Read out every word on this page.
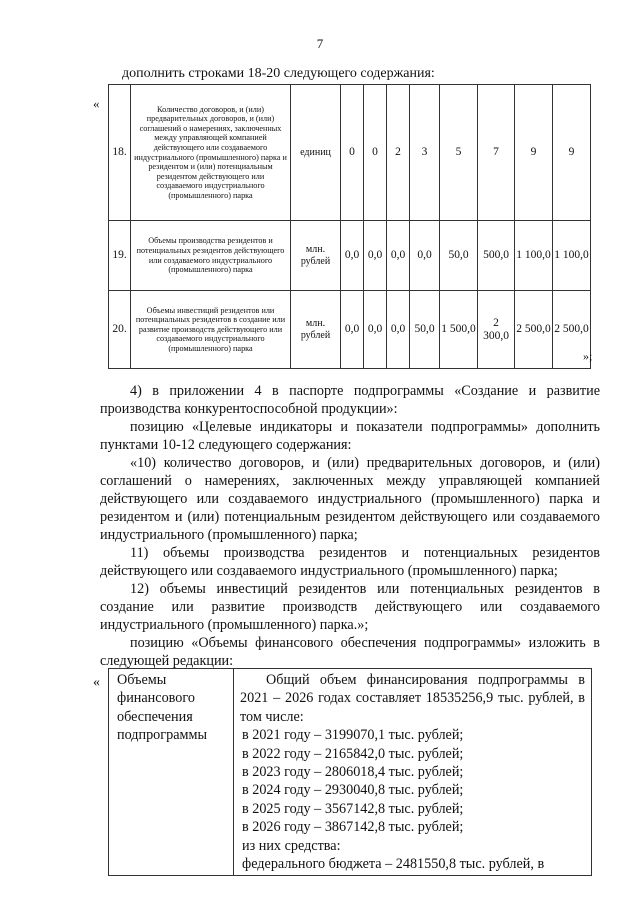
7
дополнить строками 18-20 следующего содержания:
«
18.	Количество договоров, и (или) предварительных договоров, и (или) соглашений о намерениях, заключенных между управляющей компанией действующего или создаваемого индустриального (промышленного) парка и резидентом и (или) потенциальным резидентом действующего или создаваемого индустриального (промышленного) парка	единиц	0	0	2	3	5	7	9	9
19.	Объемы производства резидентов и потенциальных резидентов действующего или создаваемого индустриального (промышленного) парка	млн. рублей	0,0	0,0	0,0	0,0	50,0	500,0	1 100,0	1 100,0
20.	Объемы инвестиций резидентов или потенциальных резидентов в создание или развитие производств действующего или создаваемого индустриального (промышленного) парка	млн. рублей	0,0	0,0	0,0	50,0	1 500,0	2 300,0	2 500,0	2 500,0
»;

4) в приложении 4 в паспорте подпрограммы «Создание и развитие производства конкурентоспособной продукции»:

позицию «Целевые индикаторы и показатели подпрограммы» дополнить пунктами 10-12 следующего содержания:

«10) количество договоров, и (или) предварительных договоров, и (или) соглашений о намерениях, заключенных между управляющей компанией действующего или создаваемого индустриального (промышленного) парка и резидентом и (или) потенциальным резидентом действующего или создаваемого индустриального (промышленного) парка;

11) объемы производства резидентов и потенциальных резидентов действующего или создаваемого индустриального (промышленного) парка;

12) объемы инвестиций резидентов или потенциальных резидентов в создание или развитие производств действующего или создаваемого индустриального (промышленного) парка.»;

позицию «Объемы финансового обеспечения подпрограммы» изложить в следующей редакции:

« Объемы финансового обеспечения подпрограммы	
Общий объем финансирования подпрограммы в 2021 – 2026 годах составляет 18535256,9 тыс. рублей, в том числе:
в 2021 году – 3199070,1 тыс. рублей;
в 2022 году – 2165842,0 тыс. рублей;
в 2023 году – 2806018,4 тыс. рублей;
в 2024 году – 2930040,8 тыс. рублей;
в 2025 году – 3567142,8 тыс. рублей;
в 2026 году – 3867142,8 тыс. рублей;
из них средства:
федерального бюджета – 2481550,8 тыс. рублей, в
